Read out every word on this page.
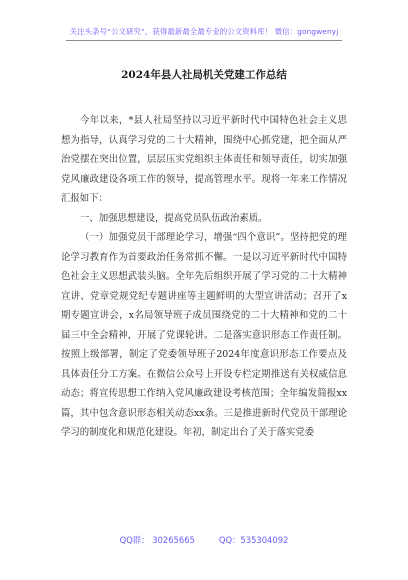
关注头条号“公文研究”，获得最新最全最专业的公文资料库！ 微信：gongwenyj
2024年县人社局机关党建工作总结

今年以来，*县人社局坚持以习近平新时代中国特色社会主义思想为指导，认真学习党的二十大精神，围绕中心抓党建，把全面从严治党摆在突出位置，层层压实党组织主体责任和领导责任，切实加强党风廉政建设各项工作的领导，提高管理水平。现将一年来工作情况汇报如下：

一、加强思想建设，提高党员队伍政治素质。

（一）加强党员干部理论学习，增强“四个意识”。坚持把党的理论学习教育作为首要政治任务常抓不懈。一是以习近平新时代中国特色社会主义思想武装头脑。全年先后组织开展了学习党的二十大精神宣讲、党章党规党纪专题讲座等主题鲜明的大型宣讲活动；召开了x期专题宣讲会，x名局领导班子成员围绕党的二十大精神和党的二十届三中全会精神，开展了党课轮讲。二是落实意识形态工作责任制。按照上级部署，制定了党委领导班子2024年度意识形态工作要点及具体责任分工方案。在微信公众号上开设专栏定期推送有关权威信息动态；将宣传思想工作纳入党风廉政建设考核范围；全年编发简报xx篇，其中包含意识形态相关动态xx条。三是推进新时代党员干部理论学习的制度化和规范化建设。年初，制定出台了关于落实党委

QQ群： 30265665	QQ：535304092
